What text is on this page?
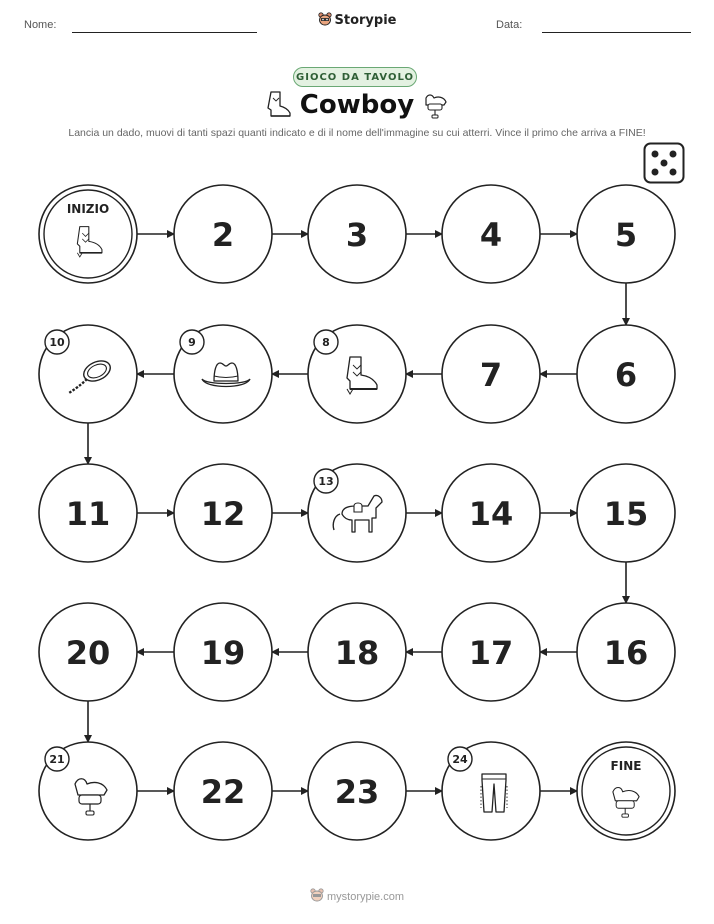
Nome:	Storypie	Data:
GIOCO DA TAVOLO
Cowboy
Lancia un dado, muovi di tanti spazi quanti indicato e di il nome dell'immagine su cui atterri. Vince il primo che arriva a FINE!
INIZIO
2	3	4	5
6
7
8
9
10
11	12
13
14	15
16
17
18
19
20
21
22	23
24	FINE
mystorypie.com
